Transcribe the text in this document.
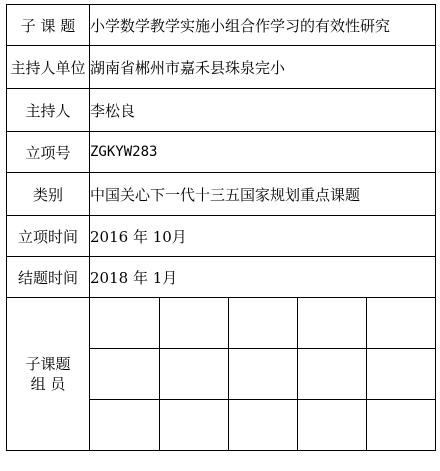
子 课 题	小学数学教学实施小组合作学习的有效性研究
主持人单位	湖南省郴州市嘉禾县珠泉完小
主持人	李松良
立项号	ZGKYW283
类别	中国关心下一代十三五国家规划重点课题
立项时间	2016 年 10月
结题时间	2018 年 1月

子课题
组 员
